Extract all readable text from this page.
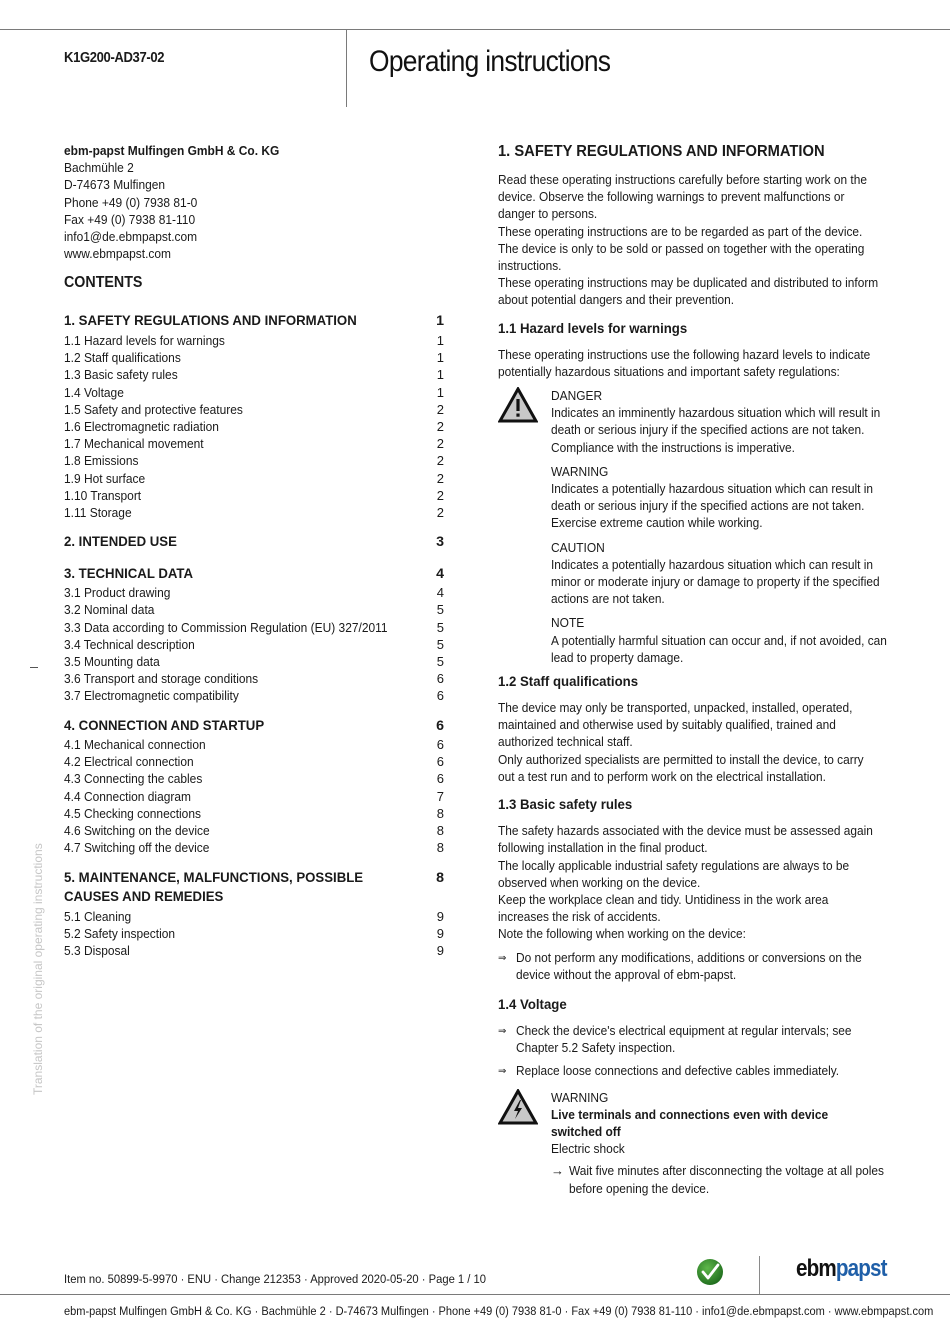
K1G200-AD37-02	Operating instructions
ebm-papst Mulfingen GmbH & Co. KG
Bachmühle 2
D-74673 Mulfingen
Phone +49 (0) 7938 81-0
Fax +49 (0) 7938 81-110
info1@de.ebmpapst.com
www.ebmpapst.com
CONTENTS
1. SAFETY REGULATIONS AND INFORMATION	1
1.1 Hazard levels for warnings	1
1.2 Staff qualifications	1
1.3 Basic safety rules	1
1.4 Voltage	1
1.5 Safety and protective features	2
1.6 Electromagnetic radiation	2
1.7 Mechanical movement	2
1.8 Emissions	2
1.9 Hot surface	2
1.10 Transport	2
1.11 Storage	2
2. INTENDED USE	3
3. TECHNICAL DATA	4
3.1 Product drawing	4
3.2 Nominal data	5
3.3 Data according to Commission Regulation (EU) 327/2011	5
3.4 Technical description	5
3.5 Mounting data	5
3.6 Transport and storage conditions	6
3.7 Electromagnetic compatibility	6
4. CONNECTION AND STARTUP	6
4.1 Mechanical connection	6
4.2 Electrical connection	6
4.3 Connecting the cables	6
4.4 Connection diagram	7
4.5 Checking connections	8
4.6 Switching on the device	8
4.7 Switching off the device	8
5. MAINTENANCE, MALFUNCTIONS, POSSIBLE	8
CAUSES AND REMEDIES
5.1 Cleaning	9
5.2 Safety inspection	9
5.3 Disposal	9
Translation of the original operating instructions
1. SAFETY REGULATIONS AND INFORMATION
Read these operating instructions carefully before starting work on the
device. Observe the following warnings to prevent malfunctions or
danger to persons.
These operating instructions are to be regarded as part of the device.
The device is only to be sold or passed on together with the operating
instructions.
These operating instructions may be duplicated and distributed to inform
about potential dangers and their prevention.
1.1 Hazard levels for warnings
These operating instructions use the following hazard levels to indicate
potentially hazardous situations and important safety regulations:
DANGER
Indicates an imminently hazardous situation which will result in
death or serious injury if the specified actions are not taken.
Compliance with the instructions is imperative.
WARNING
Indicates a potentially hazardous situation which can result in
death or serious injury if the specified actions are not taken.
Exercise extreme caution while working.
CAUTION
Indicates a potentially hazardous situation which can result in
minor or moderate injury or damage to property if the specified
actions are not taken.
NOTE
A potentially harmful situation can occur and, if not avoided, can
lead to property damage.
1.2 Staff qualifications
The device may only be transported, unpacked, installed, operated,
maintained and otherwise used by suitably qualified, trained and
authorized technical staff.
Only authorized specialists are permitted to install the device, to carry
out a test run and to perform work on the electrical installation.
1.3 Basic safety rules
The safety hazards associated with the device must be assessed again
following installation in the final product.
The locally applicable industrial safety regulations are always to be
observed when working on the device.
Keep the workplace clean and tidy. Untidiness in the work area
increases the risk of accidents.
Note the following when working on the device:
⇒ Do not perform any modifications, additions or conversions on the
device without the approval of ebm-papst.
1.4 Voltage
⇒ Check the device's electrical equipment at regular intervals; see
Chapter 5.2 Safety inspection.
⇒ Replace loose connections and defective cables immediately.
WARNING
Live terminals and connections even with device
switched off
Electric shock
→ Wait five minutes after disconnecting the voltage at all poles
before opening the device.
Item no. 50899-5-9970 · ENU · Change 212353 · Approved 2020-05-20 · Page 1 / 10	ebmpapst
ebm-papst Mulfingen GmbH & Co. KG · Bachmühle 2 · D-74673 Mulfingen · Phone +49 (0) 7938 81-0 · Fax +49 (0) 7938 81-110 · info1@de.ebmpapst.com · www.ebmpapst.com
